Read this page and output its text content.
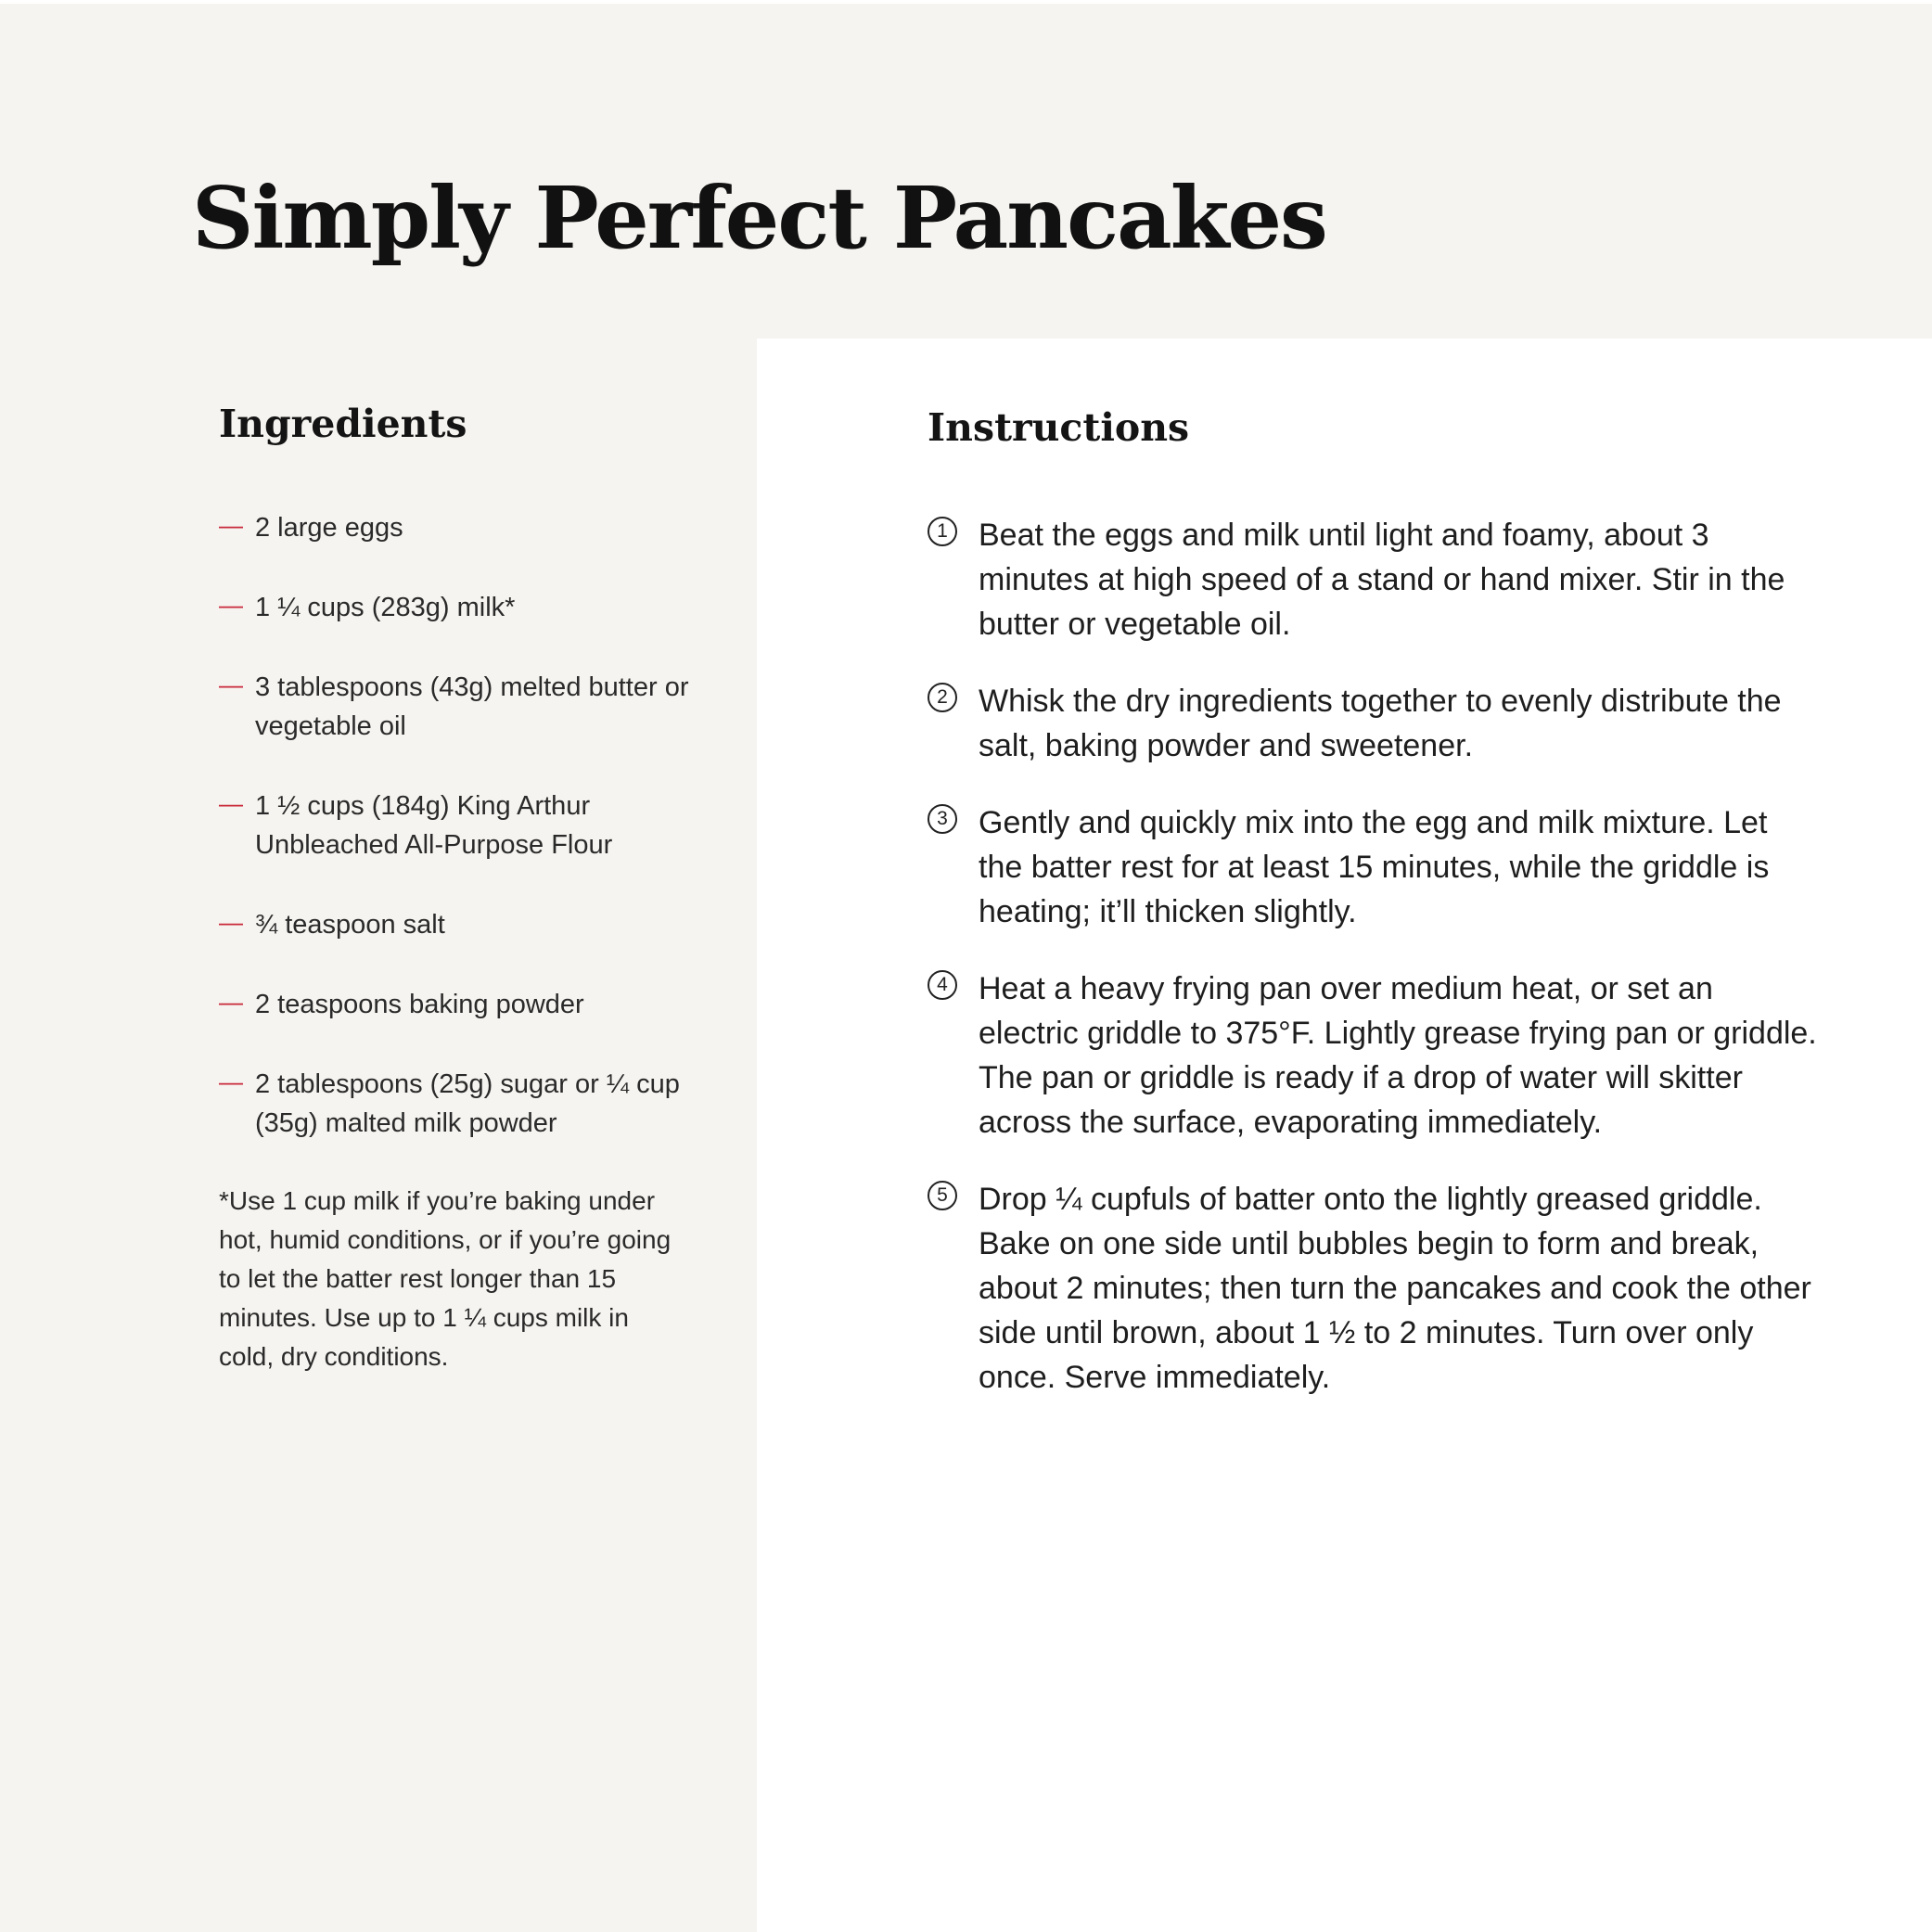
Simply Perfect Pancakes
Ingredients
— 2 large eggs
— 1 ¼ cups (283g) milk*
— 3 tablespoons (43g) melted butter or vegetable oil
— 1 ½ cups (184g) King Arthur Unbleached All-Purpose Flour
— ¾ teaspoon salt
— 2 teaspoons baking powder
— 2 tablespoons (25g) sugar or ¼ cup (35g) malted milk powder

*Use 1 cup milk if you’re baking under hot, humid conditions, or if you’re going to let the batter rest longer than 15 minutes. Use up to 1 ¼ cups milk in cold, dry conditions.

Instructions
1 Beat the eggs and milk until light and foamy, about 3 minutes at high speed of a stand or hand mixer. Stir in the butter or vegetable oil.
2 Whisk the dry ingredients together to evenly distribute the salt, baking powder and sweetener.
3 Gently and quickly mix into the egg and milk mixture. Let the batter rest for at least 15 minutes, while the griddle is heating; it’ll thicken slightly.
4 Heat a heavy frying pan over medium heat, or set an electric griddle to 375°F. Lightly grease frying pan or griddle. The pan or griddle is ready if a drop of water will skitter across the surface, evaporating immediately.
5 Drop ¼ cupfuls of batter onto the lightly greased griddle. Bake on one side until bubbles begin to form and break, about 2 minutes; then turn the pancakes and cook the other side until brown, about 1 ½ to 2 minutes. Turn over only once. Serve immediately.
